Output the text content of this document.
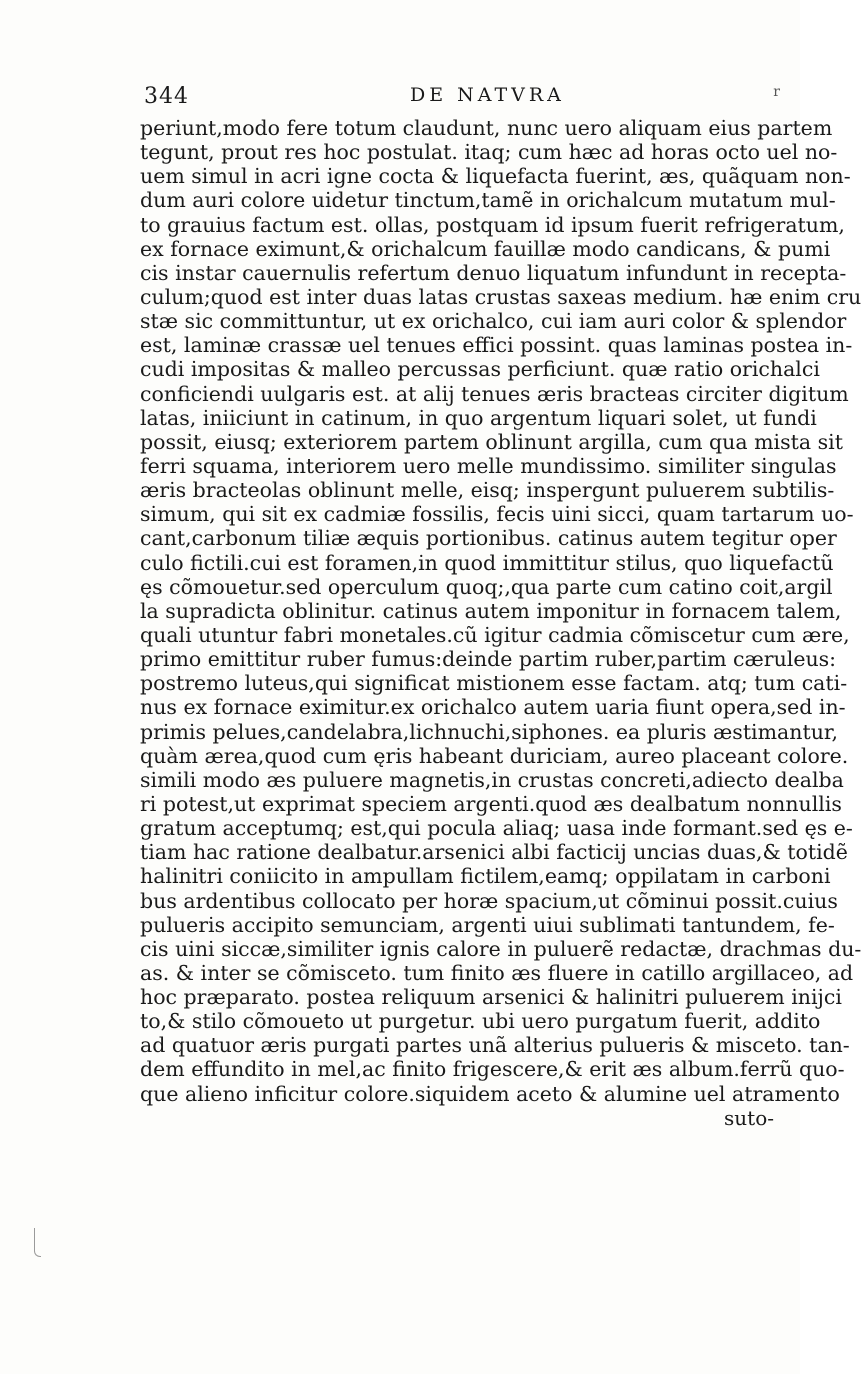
344	DE NATVRA	r
periunt,modo fere totum claudunt, nunc uero aliquam eius partem
tegunt, prout res hoc postulat. itaq; cum hæc ad horas octo uel no-
uem simul in acri igne cocta & liquefacta fuerint, æs, quãquam non-
dum auri colore uidetur tinctum,tamẽ in orichalcum mutatum mul-
to grauius factum est. ollas, postquam id ipsum fuerit refrigeratum,
ex fornace eximunt,& orichalcum fauillæ modo candicans, & pumi
cis instar cauernulis refertum denuo liquatum infundunt in recepta-
culum;quod est inter duas latas crustas saxeas medium. hæ enim cru
stæ sic committuntur, ut ex orichalco, cui iam auri color & splendor
est, laminæ crassæ uel tenues effici possint. quas laminas postea in-
cudi impositas & malleo percussas perficiunt. quæ ratio orichalci
conficiendi uulgaris est. at alij tenues æris bracteas circiter digitum
latas, iniiciunt in catinum, in quo argentum liquari solet, ut fundi
possit, eiusq; exteriorem partem oblinunt argilla, cum qua mista sit
ferri squama, interiorem uero melle mundissimo. similiter singulas
æris bracteolas oblinunt melle, eisq; inspergunt puluerem subtilis-
simum, qui sit ex cadmiæ fossilis, fecis uini sicci, quam tartarum uo-
cant,carbonum tiliæ æquis portionibus. catinus autem tegitur oper
culo fictili.cui est foramen,in quod immittitur stilus, quo liquefactũ
ęs cõmouetur.sed operculum quoq;,qua parte cum catino coit,argil
la supradicta oblinitur. catinus autem imponitur in fornacem talem,
quali utuntur fabri monetales.cũ igitur cadmia cõmiscetur cum ære,
primo emittitur ruber fumus:deinde partim ruber,partim cæruleus:
postremo luteus,qui significat mistionem esse factam. atq; tum cati-
nus ex fornace eximitur.ex orichalco autem uaria fiunt opera,sed in-
primis pelues,candelabra,lichnuchi,siphones. ea pluris æstimantur,
quàm ærea,quod cum ęris habeant duriciam, aureo placeant colore.
simili modo æs puluere magnetis,in crustas concreti,adiecto dealba
ri potest,ut exprimat speciem argenti.quod æs dealbatum nonnullis
gratum acceptumq; est,qui pocula aliaq; uasa inde formant.sed ęs e-
tiam hac ratione dealbatur.arsenici albi facticij uncias duas,& totidẽ
halinitri coniicito in ampullam fictilem,eamq; oppilatam in carboni
bus ardentibus collocato per horæ spacium,ut cõminui possit.cuius
pulueris accipito semunciam, argenti uiui sublimati tantundem, fe-
cis uini siccæ,similiter ignis calore in puluerẽ redactæ, drachmas du-
as. & inter se cõmisceto. tum finito æs fluere in catillo argillaceo, ad
hoc præparato. postea reliquum arsenici & halinitri puluerem inijci
to,& stilo cõmoueto ut purgetur. ubi uero purgatum fuerit, addito
ad quatuor æris purgati partes unã alterius pulueris & misceto. tan-
dem effundito in mel,ac finito frigescere,& erit æs album.ferrũ quo-
que alieno inficitur colore.siquidem aceto & alumine uel atramento
suto-
